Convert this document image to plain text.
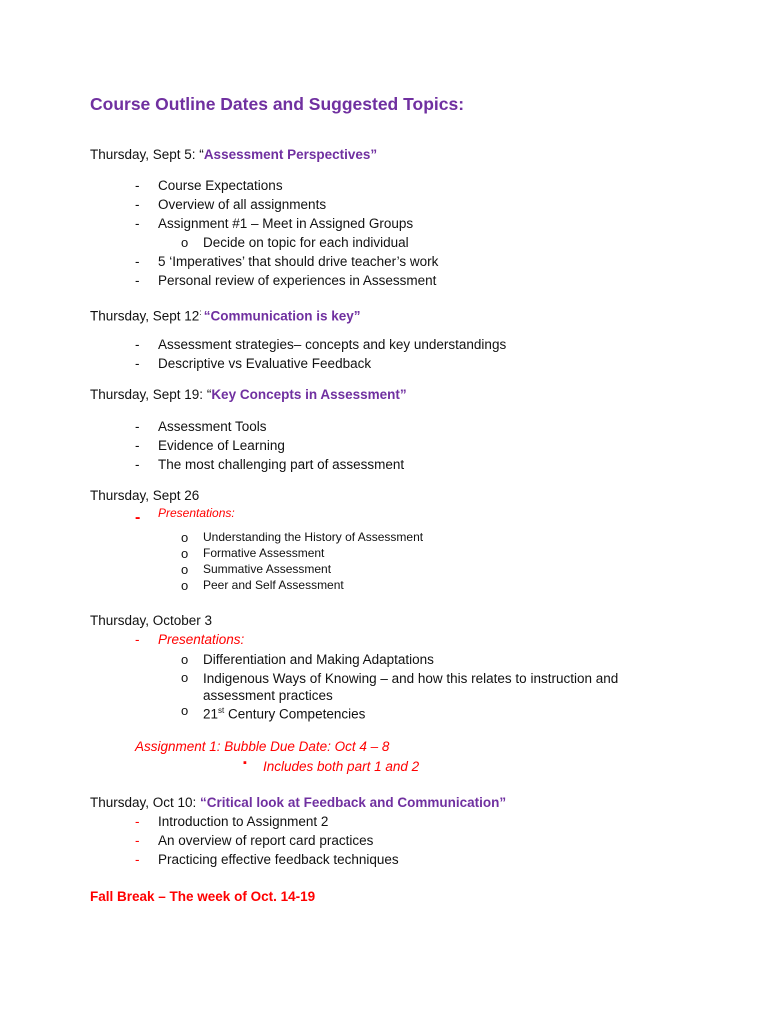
Course Outline Dates and Suggested Topics:
Thursday, Sept 5: “Assessment Perspectives”
- Course Expectations
- Overview of all assignments
- Assignment #1 – Meet in Assigned Groups
o Decide on topic for each individual
- 5 ‘Imperatives’ that should drive teacher’s work
- Personal review of experiences in Assessment
Thursday, Sept 12: “Communication is key”
- Assessment strategies– concepts and key understandings
- Descriptive vs Evaluative Feedback
Thursday, Sept 19: “Key Concepts in Assessment”
- Assessment Tools
- Evidence of Learning
- The most challenging part of assessment
Thursday, Sept 26
- Presentations:
o Understanding the History of Assessment
o Formative Assessment
o Summative Assessment
o Peer and Self Assessment
Thursday, October 3
- Presentations:
o Differentiation and Making Adaptations
o Indigenous Ways of Knowing – and how this relates to instruction and assessment practices
o 21st Century Competencies
Assignment 1: Bubble Due Date: Oct 4 – 8
▪ Includes both part 1 and 2
Thursday, Oct 10: “Critical look at Feedback and Communication”
- Introduction to Assignment 2
- An overview of report card practices
- Practicing effective feedback techniques
Fall Break – The week of Oct. 14-19
